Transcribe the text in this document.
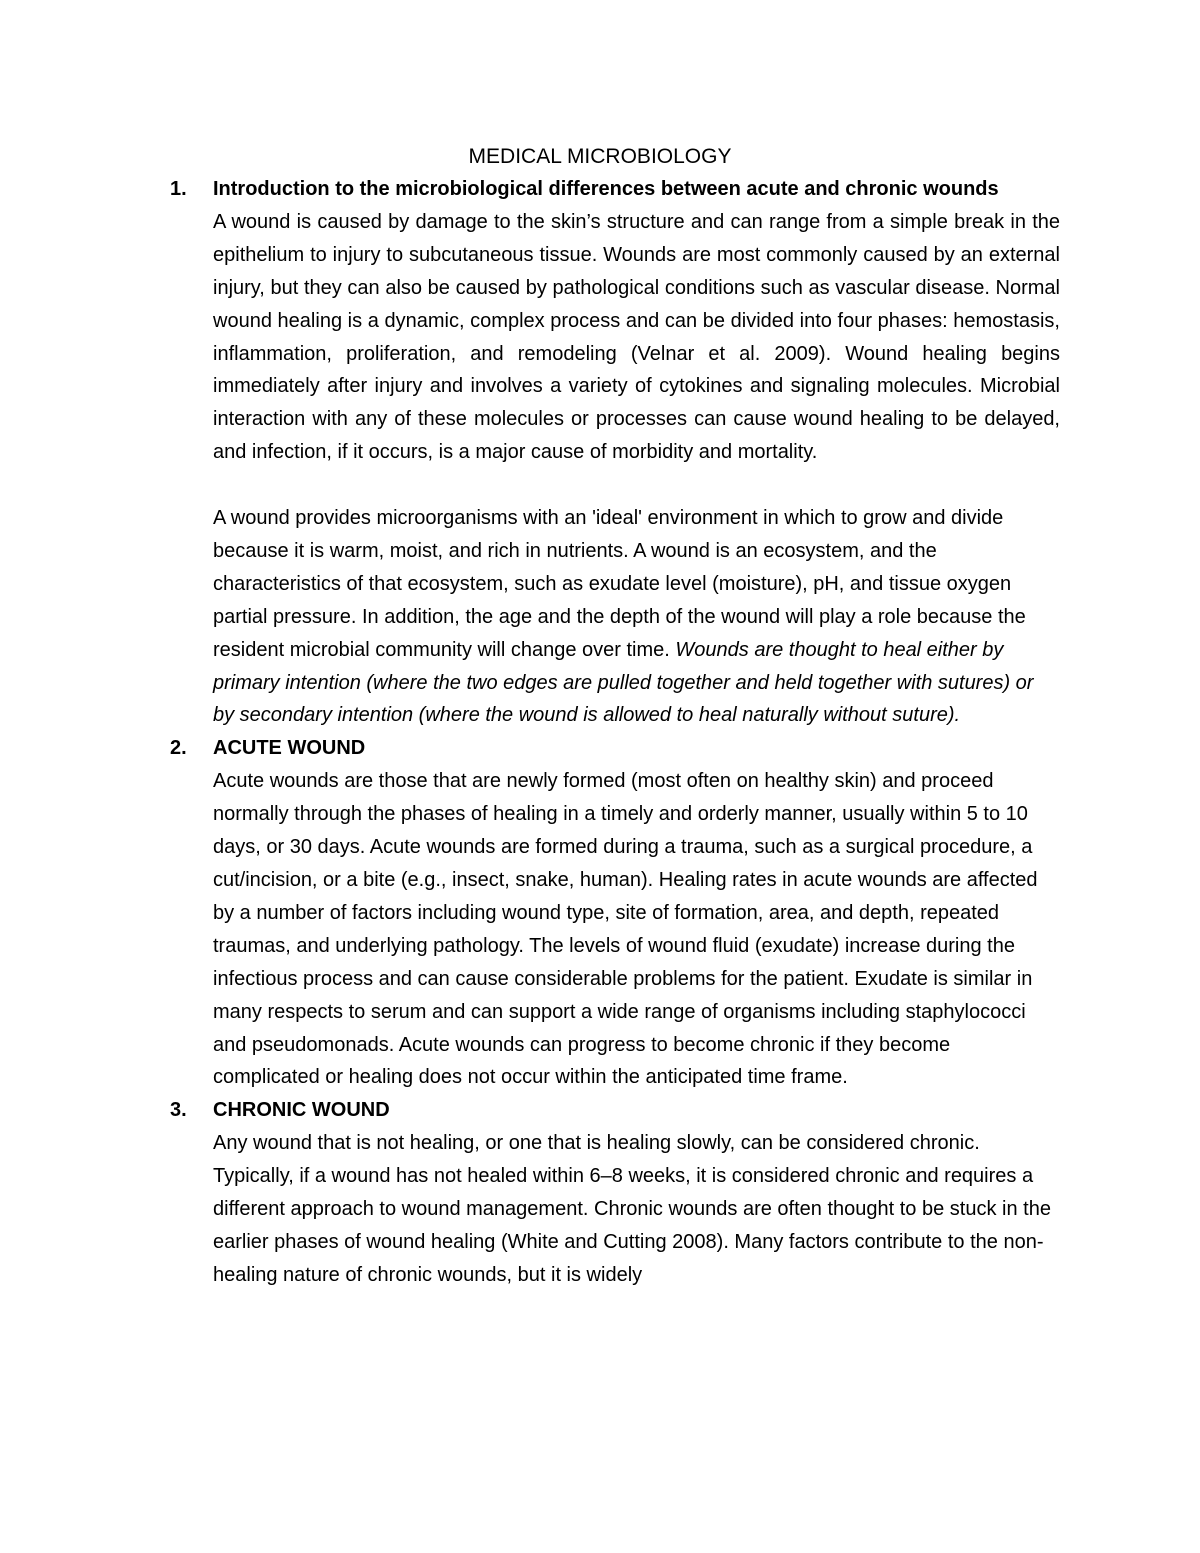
MEDICAL MICROBIOLOGY
1. Introduction to the microbiological differences between acute and chronic wounds

A wound is caused by damage to the skin’s structure and can range from a simple break in the epithelium to injury to subcutaneous tissue. Wounds are most commonly caused by an external injury, but they can also be caused by pathological conditions such as vascular disease. Normal wound healing is a dynamic, complex process and can be divided into four phases: hemostasis, inflammation, proliferation, and remodeling (Velnar et al. 2009). Wound healing begins immediately after injury and involves a variety of cytokines and signaling molecules. Microbial interaction with any of these molecules or processes can cause wound healing to be delayed, and infection, if it occurs, is a major cause of morbidity and mortality.

A wound provides microorganisms with an 'ideal' environment in which to grow and divide because it is warm, moist, and rich in nutrients. A wound is an ecosystem, and the characteristics of that ecosystem, such as exudate level (moisture), pH, and tissue oxygen partial pressure. In addition, the age and the depth of the wound will play a role because the resident microbial community will change over time. Wounds are thought to heal either by primary intention (where the two edges are pulled together and held together with sutures) or by secondary intention (where the wound is allowed to heal naturally without suture).

2. ACUTE WOUND

Acute wounds are those that are newly formed (most often on healthy skin) and proceed normally through the phases of healing in a timely and orderly manner, usually within 5 to 10 days, or 30 days. Acute wounds are formed during a trauma, such as a surgical procedure, a cut/incision, or a bite (e.g., insect, snake, human). Healing rates in acute wounds are affected by a number of factors including wound type, site of formation, area, and depth, repeated traumas, and underlying pathology. The levels of wound fluid (exudate) increase during the infectious process and can cause considerable problems for the patient. Exudate is similar in many respects to serum and can support a wide range of organisms including staphylococci and pseudomonads. Acute wounds can progress to become chronic if they become complicated or healing does not occur within the anticipated time frame.

3. CHRONIC WOUND

Any wound that is not healing, or one that is healing slowly, can be considered chronic. Typically, if a wound has not healed within 6–8 weeks, it is considered chronic and requires a different approach to wound management. Chronic wounds are often thought to be stuck in the earlier phases of wound healing (White and Cutting 2008). Many factors contribute to the non-healing nature of chronic wounds, but it is widely
